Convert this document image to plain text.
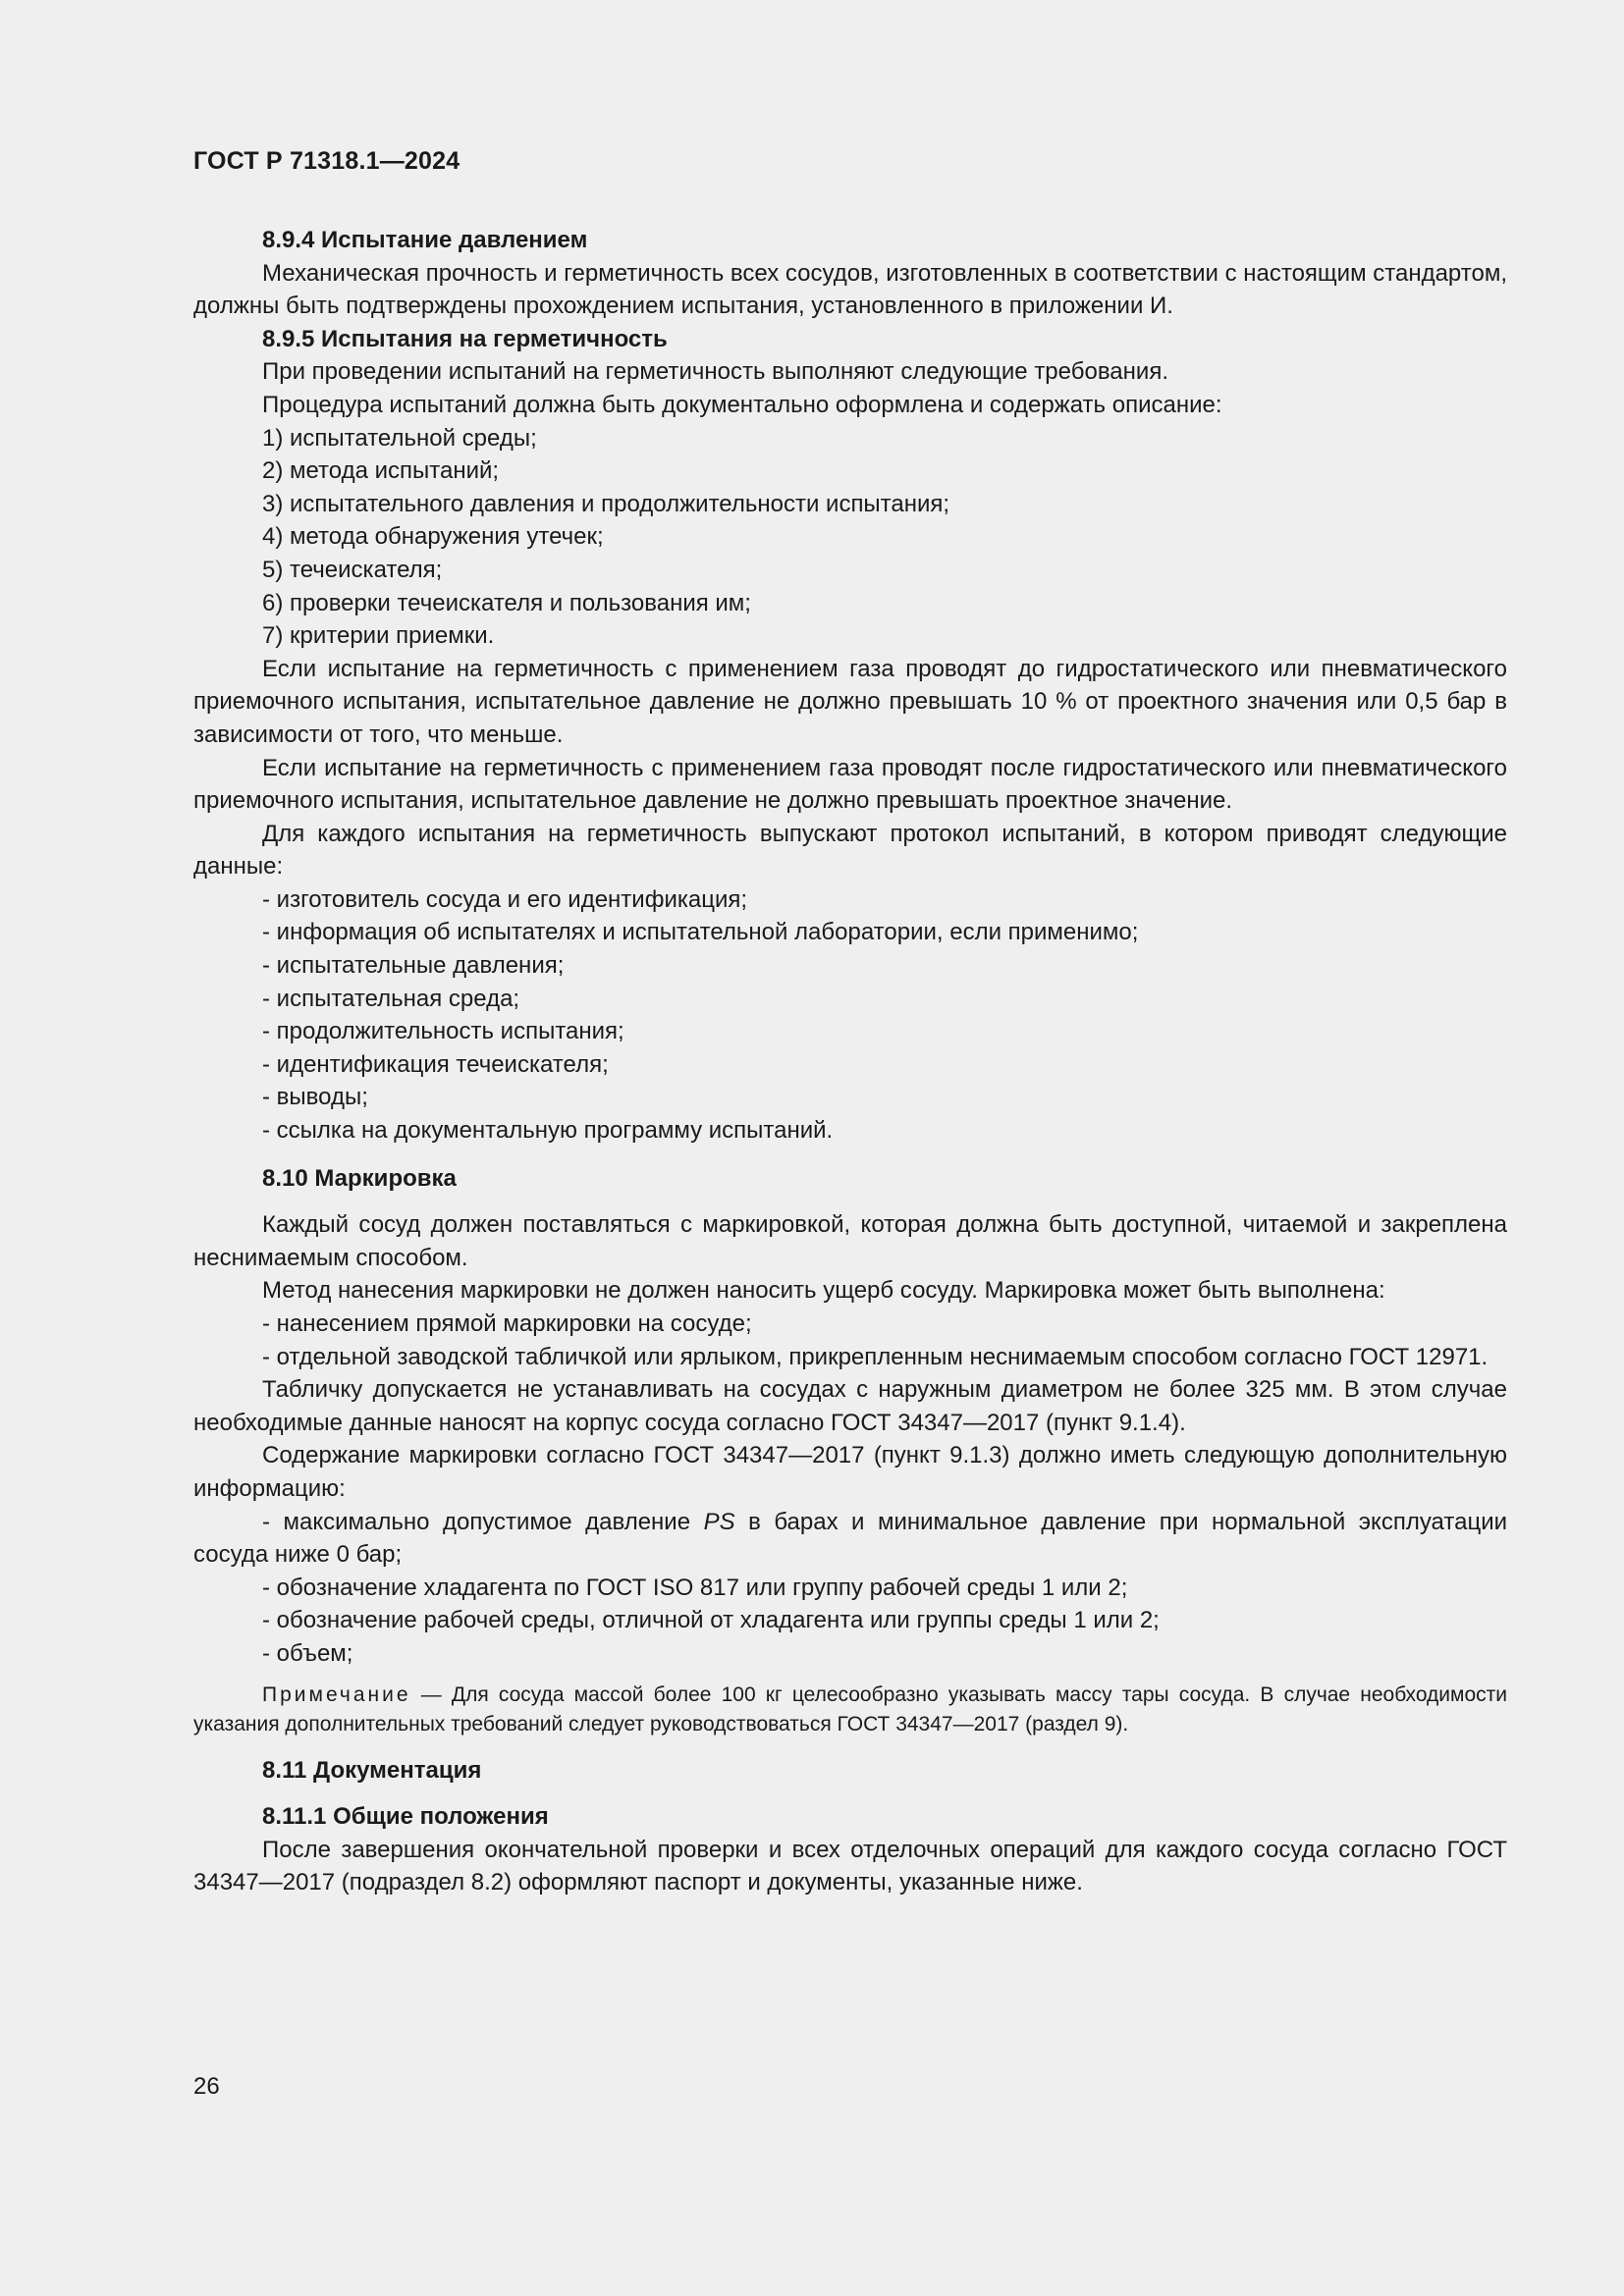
ГОСТ Р 71318.1—2024

8.9.4 Испытание давлением

Механическая прочность и герметичность всех сосудов, изготовленных в соответствии с настоящим стандартом, должны быть подтверждены прохождением испытания, установленного в приложении И.

8.9.5 Испытания на герметичность

При проведении испытаний на герметичность выполняют следующие требования.

Процедура испытаний должна быть документально оформлена и содержать описание:

1) испытательной среды;

2) метода испытаний;

3) испытательного давления и продолжительности испытания;

4) метода обнаружения утечек;

5) течеискателя;

6) проверки течеискателя и пользования им;

7) критерии приемки.

Если испытание на герметичность с применением газа проводят до гидростатического или пневматического приемочного испытания, испытательное давление не должно превышать 10 % от проектного значения или 0,5 бар в зависимости от того, что меньше.

Если испытание на герметичность с применением газа проводят после гидростатического или пневматического приемочного испытания, испытательное давление не должно превышать проектное значение.

Для каждого испытания на герметичность выпускают протокол испытаний, в котором приводят следующие данные:

- изготовитель сосуда и его идентификация;

- информация об испытателях и испытательной лаборатории, если применимо;

- испытательные давления;

- испытательная среда;

- продолжительность испытания;

- идентификация течеискателя;

- выводы;

- ссылка на документальную программу испытаний.

8.10 Маркировка

Каждый сосуд должен поставляться с маркировкой, которая должна быть доступной, читаемой и закреплена неснимаемым способом.

Метод нанесения маркировки не должен наносить ущерб сосуду. Маркировка может быть выполнена:

- нанесением прямой маркировки на сосуде;

- отдельной заводской табличкой или ярлыком, прикрепленным неснимаемым способом согласно ГОСТ 12971.

Табличку допускается не устанавливать на сосудах с наружным диаметром не более 325 мм. В этом случае необходимые данные наносят на корпус сосуда согласно ГОСТ 34347—2017 (пункт 9.1.4).

Содержание маркировки согласно ГОСТ 34347—2017 (пункт 9.1.3) должно иметь следующую дополнительную информацию:

- максимально допустимое давление PS в барах и минимальное давление при нормальной эксплуатации сосуда ниже 0 бар;

- обозначение хладагента по ГОСТ ISO 817 или группу рабочей среды 1 или 2;

- обозначение рабочей среды, отличной от хладагента или группы среды 1 или 2;

- объем;

Примечание — Для сосуда массой более 100 кг целесообразно указывать массу тары сосуда. В случае необходимости указания дополнительных требований следует руководствоваться ГОСТ 34347—2017 (раздел 9).

8.11 Документация

8.11.1 Общие положения

После завершения окончательной проверки и всех отделочных операций для каждого сосуда согласно ГОСТ 34347—2017 (подраздел 8.2) оформляют паспорт и документы, указанные ниже.

26
